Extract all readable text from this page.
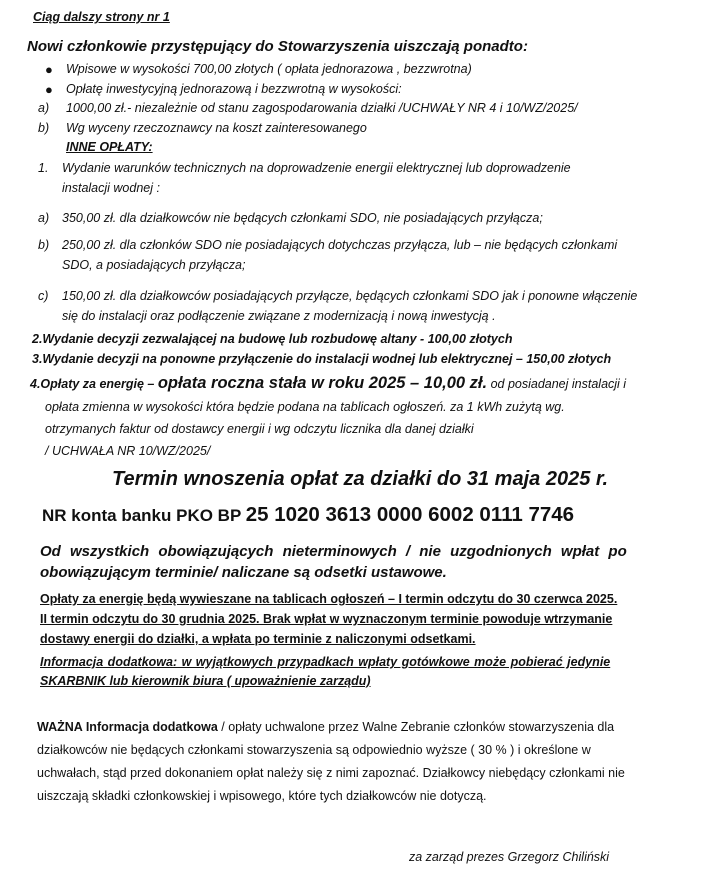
Ciąg dalszy strony nr 1
Nowi członkowie przystępujący do Stowarzyszenia uiszczają ponadto:
● Wpisowe w wysokości 700,00 złotych ( opłata jednorazowa , bezzwrotna)
● Opłatę inwestycyjną jednorazową i bezzwrotną w wysokości:
a) 1000,00 zł.- niezależnie od stanu zagospodarowania działki /UCHWAŁY NR 4 i 10/WZ/2025/
b) Wg wyceny rzeczoznawcy na koszt zainteresowanego
INNE OPŁATY:
1. Wydanie warunków technicznych na doprowadzenie energii elektrycznej lub doprowadzenie
instalacji wodnej :
a) 350,00 zł. dla działkowców nie będących członkami SDO, nie posiadających przyłącza;
b) 250,00 zł. dla członków SDO nie posiadających dotychczas przyłącza, lub – nie będących członkami
SDO, a posiadających przyłącza;
c) 150,00 zł. dla działkowców posiadających przyłącze, będących członkami SDO jak i ponowne włączenie
się do instalacji oraz podłączenie związane z modernizacją i nową inwestycją .
2.Wydanie decyzji zezwalającej na budowę lub rozbudowę altany - 100,00 złotych
3.Wydanie decyzji na ponowne przyłączenie do instalacji wodnej lub elektrycznej – 150,00 złotych
4.Opłaty za energię – opłata roczna stała w roku 2025 – 10,00 zł. od posiadanej instalacji i
opłata zmienna w wysokości która będzie podana na tablicach ogłoszeń. za 1 kWh zużytą wg.
otrzymanych faktur od dostawcy energii i wg odczytu licznika dla danej działki
/ UCHWAŁA NR 10/WZ/2025/
Termin wnoszenia opłat za działki do 31 maja 2025 r.
NR konta banku PKO BP 25 1020 3613 0000 6002 0111 7746
Od wszystkich obowiązujących nieterminowych / nie uzgodnionych wpłat po
obowiązującym terminie/ naliczane są odsetki ustawowe.
Opłaty za energię będą wywieszane na tablicach ogłoszeń – I termin odczytu do 30 czerwca 2025.
II termin odczytu do 30 grudnia 2025. Brak wpłat w wyznaczonym terminie powoduje wtrzymanie
dostawy energii do działki, a wpłata po terminie z naliczonymi odsetkami.
Informacja dodatkowa: w wyjątkowych przypadkach wpłaty gotówkowe może pobierać jedynie
SKARBNIK lub kierownik biura ( upoważnienie zarządu)
WAŻNA Informacja dodatkowa / opłaty uchwalone przez Walne Zebranie członków stowarzyszenia dla
działkowców nie będących członkami stowarzyszenia są odpowiednio wyższe ( 30 % ) i określone w
uchwałach, stąd przed dokonaniem opłat należy się z nimi zapoznać. Działkowcy niebędący członkami nie
uiszczają składki członkowskiej i wpisowego, które tych działkowców nie dotyczą.
za zarząd prezes Grzegorz Chiliński
